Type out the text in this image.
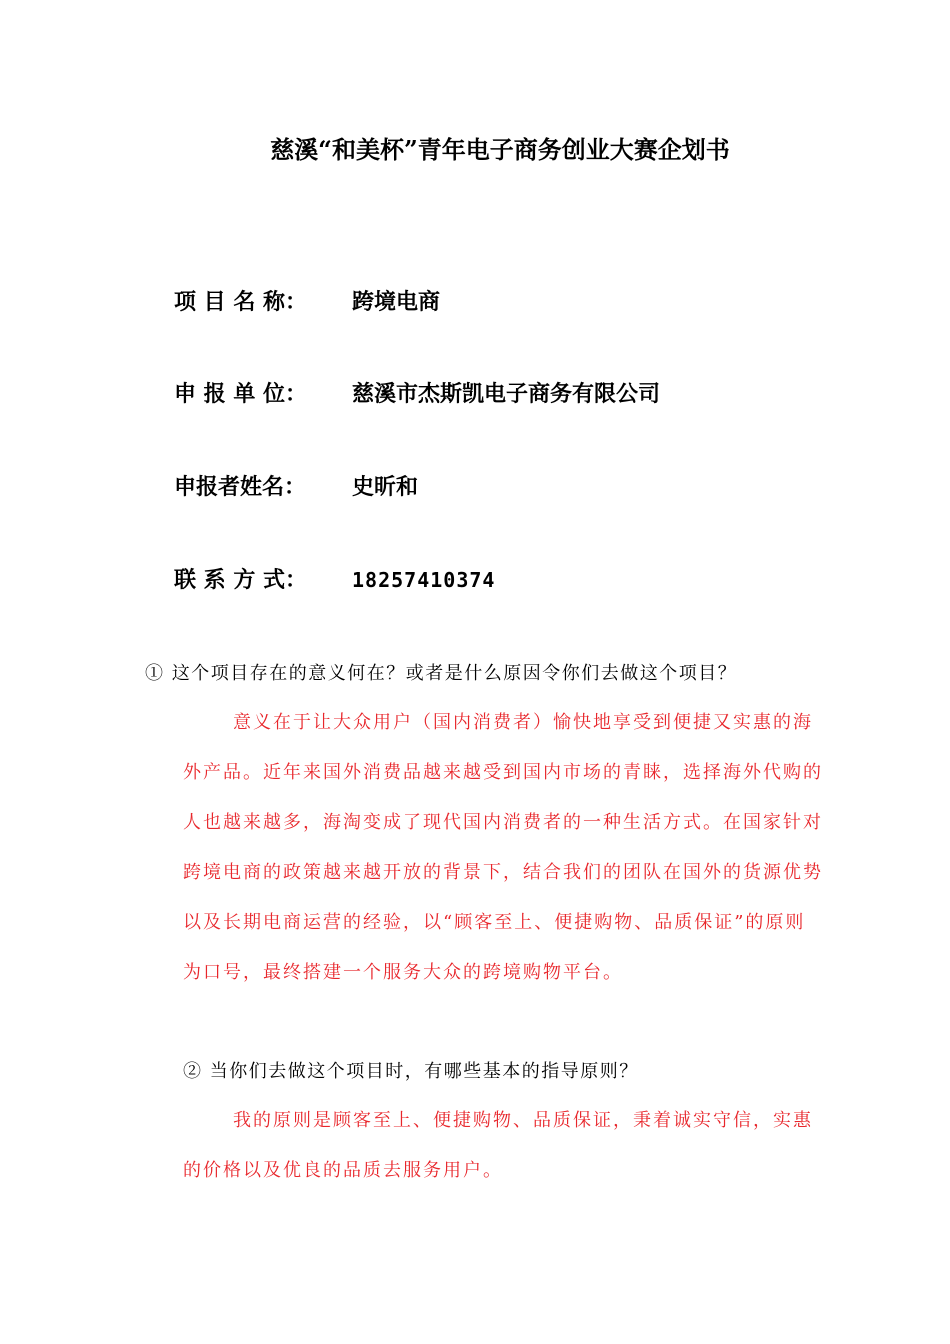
慈溪“和美杯”青年电子商务创业大赛企划书
项 目 名 称： 跨境电商
申 报 单 位： 慈溪市杰斯凯电子商务有限公司
申报者姓名： 史昕和
联 系 方 式： 18257410374
① 这个项目存在的意义何在？或者是什么原因令你们去做这个项目？

意义在于让大众用户（国内消费者）愉快地享受到便捷又实惠的海外产品。近年来国外消费品越来越受到国内市场的青睐，选择海外代购的人也越来越多，海淘变成了现代国内消费者的一种生活方式。在国家针对跨境电商的政策越来越开放的背景下，结合我们的团队在国外的货源优势以及长期电商运营的经验，以“顾客至上、便捷购物、品质保证”的原则为口号，最终搭建一个服务大众的跨境购物平台。

② 当你们去做这个项目时，有哪些基本的指导原则？

我的原则是顾客至上、便捷购物、品质保证，秉着诚实守信，实惠的价格以及优良的品质去服务用户。
